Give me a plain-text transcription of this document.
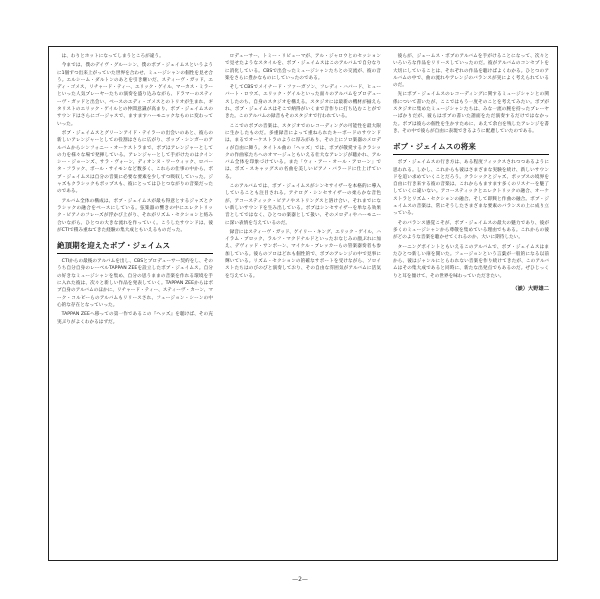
は、わりとホットになってしまうところが違う。

今までは、僕のデイヴ・グルーシン、僕のボブ・ジェイムスというように1個ずつ出来上がっていた世界を合わせ、ミュージシャンの個性を見せ合う。エルシーム・ダルトンのあとを引き継いだ、スティーヴ・ガッド、エディ・ゴメス、リチャード・ティー、エリック・ゲイル、マーカス・ミラーといった人気プレーヤーたちの演奏を盛り込みながら、ドラマーのスティーヴ・ガッドと出会い、ベースのエディ・ゴメスとのトリオが生まれ、ギタリストのエリック・ゲイルとの仲間意識が高まり、ボブ・ジェイムスのサウンドはさらにゴージャスで、ますますハーモニックなものに変わっていった。

ボブ・ジェイムスとグリーンアイド・テイラーの出会いのあと、彼らの新しいアレンジャーとしての役割はさらに広がり、ポップ・シンガーのアルバムからシンフォニー・オーケストラまで、ボブはアレンジャーとしての力を様々な場で発揮している。アレンジャーとして手がけたのはクインシー・ジョーンズ、サラ・ヴォーン、ディオンヌ・ワーウィック、ロバータ・フラック、ポール・サイモンなど数多く、これらの仕事の中から、ボブ・ジェイムスは自分の音楽に必要な要素を少しずつ吸収していった。ジャズもクラシックもポップスも、彼にとってはひとつながりの音楽だったのである。

アルバム全体の構成は、ボブ・ジェイムスが最も得意とするジャズとクラシックの融合をベースにしている。弦楽器の響きの中にエレクトリック・ピアノのフレーズが浮かび上がり、それがリズム・セクションと絡み合いながら、ひとつの大きな流れを作っていく。こうしたサウンドは、彼がCTIで積み重ねてきた経験の集大成ともいえるものだった。

絶頂期を迎えたボブ・ジェイムス

CTIからの最後のアルバムを出し、CBSとプロデューサー契約をし、そのうち自分自身のレーベルTAPPAN ZEEを設立したボブ・ジェイムス。自分の好きなミュージシャンを集め、自分の思うままの音楽を作れる環境を手に入れた彼は、次々と新しい作品を発表していく。TAPPAN ZEEからはボブ自身のアルバムのほかに、リチャード・ティー、スティーヴ・カーン、マーク・コルビーらのアルバムもリリースされ、フュージョン・シーンの中心的な存在となっていった。

TAPPAN ZEEへ移っての第一作であるこの『ヘッズ』を聴けば、その充実ぶりがよくわかるはずだ。

ロデューサー、トミー・リピューマが、アル・ジャロウとのセッションで見せたようなスタイルを、ボブ・ジェイムスはこのアルバムで自分なりに消化している。CBSで出会ったミュージシャンたちとの交流が、彼の音楽をさらに豊かなものにしていったのである。

そしてCBSでメイナード・ファーガソン、フレディ・ハバード、ヒューバート・ロウズ、エリック・ゲイルといった面々のアルバムをプロデュースしたのち、自身のスタジオを構える。スタジオには最新の機材が揃えられ、ボブ・ジェイムスはそこで納得がいくまで音作りに打ち込むことができた。このアルバムの録音もそのスタジオで行われている。

ここでのボブの音楽は、スタジオでのレコーディングの可能性を最大限に生かしたものだ。多重録音によって重ねられたキーボードのサウンドは、まるでオーケストラのように厚みがあり、その上にソロ楽器のメロディが自由に舞う。タイトル曲の「ヘッズ」では、ボブが敬愛するクラシックの作曲家たちへのオマージュともいえる壮大なアレンジが聴かれ、アルバム全体を印象づけている。また「ウィ・アー・オール・アローン」では、ボズ・スキャッグスの名曲を美しいピアノ・バラードに仕上げている。

このアルバムでは、ボブ・ジェイムスがシンセサイザーを本格的に導入していることも注目される。アナログ・シンセサイザーの柔らかな音色が、アコースティック・ピアノやストリングスと溶け合い、それまでにない新しいサウンドを生み出している。ボブはシンセサイザーを単なる効果音としてではなく、ひとつの楽器として扱い、そのメロディやハーモニーに深い表情を与えているのだ。

録音にはスティーヴ・ガッド、ゲイリー・キング、エリック・ゲイル、ハイラム・ブロック、ラルフ・マクドナルドといったおなじみの顔ぶれに加え、デヴィッド・サンボーン、マイケル・ブレッカーらの管楽器奏者も参加している。彼らのソロはどれも個性的で、ボブのアレンジの中で見事に輝いている。リズム・セクションの的確なサポートを受けながら、ソロイストたちはのびのびと演奏しており、その自由な雰囲気がアルバムに活気を与えている。

彼らが、ジェームス・ボブのアルバムを手がけることになって、次々といろいろな作品をリリースしていったのだ。彼がアルバムのコンセプトを大切にしていることは、それぞれの作品を聴けばよくわかる。ひとつのアルバムの中で、曲の流れやアレンジのバランスが実によく考えられているのだ。

先にボブ・ジェイムスのレコーディングに関するミュージシャンとの関係について書いたが、ここではもう一度そのことを考えてみたい。ボブがスタジオに集めたミュージシャンたちは、みな一流の腕を持ったプレーヤーばかりだが、彼らはボブの書いた譜面をただ演奏するだけではなかった。ボブは彼らの個性を生かすために、あえて余白を残したアレンジを書き、その中で彼らが自由に表現できるように配慮していたのである。

ボブ・ジェイムスの将来

ボブ・ジェイムスの行き方は、ある程度フィックスされつつあるように思われる。しかし、これからも彼はさまざまな実験を続け、新しいサウンドを追い求めていくことだろう。クラシックとジャズ、ポップスの境界を自由に行き来する彼の音楽は、これからもますます多くのリスナーを魅了していくに違いない。アコースティックとエレクトリックの融合、オーケストラとリズム・セクションの融合、そして即興と作曲の融合。ボブ・ジェイムスの音楽は、常にそうしたさまざまな要素のバランスの上に成り立っている。

そのバランス感覚こそが、ボブ・ジェイムスの最大の魅力であり、彼が多くのミュージシャンから尊敬を集めている理由でもある。これからの彼がどのような音楽を聴かせてくれるのか、大いに期待したい。

ターニングポイントともいえるこのアルバムで、ボブ・ジェイムスはまたひとつ新しい扉を開いた。フュージョンという言葉が一般的になる以前から、彼はジャンルにとらわれない音楽を作り続けてきたが、このアルバムはその集大成であると同時に、新たな出発点でもあるのだ。ぜひじっくりと耳を傾けて、その世界を味わっていただきたい。

（談）大野雄二
—2—
